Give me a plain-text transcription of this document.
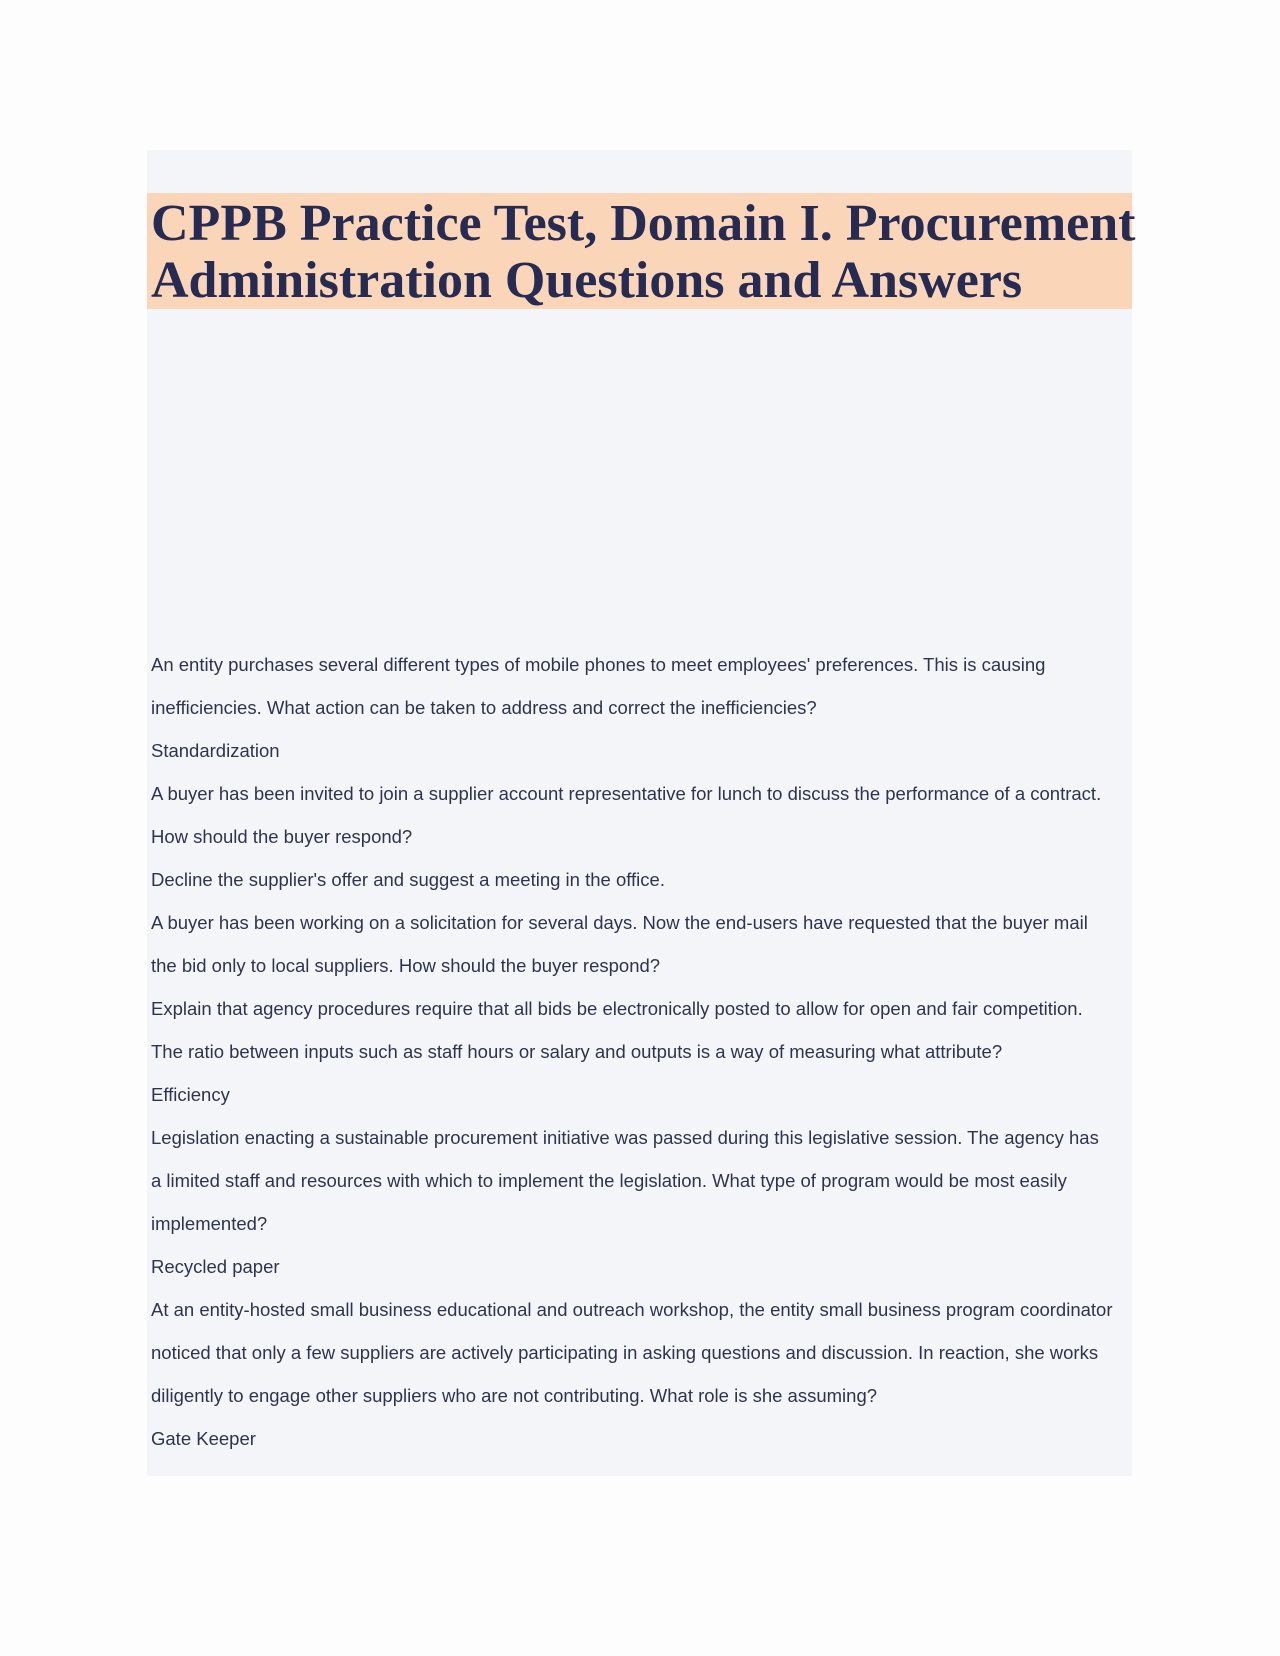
CPPB Practice Test, Domain I. Procurement
Administration Questions and Answers

An entity purchases several different types of mobile phones to meet employees' preferences. This is causing

inefficiencies. What action can be taken to address and correct the inefficiencies?

Standardization

A buyer has been invited to join a supplier account representative for lunch to discuss the performance of a contract.

How should the buyer respond?

Decline the supplier's offer and suggest a meeting in the office.

A buyer has been working on a solicitation for several days. Now the end-users have requested that the buyer mail

the bid only to local suppliers. How should the buyer respond?

Explain that agency procedures require that all bids be electronically posted to allow for open and fair competition.

The ratio between inputs such as staff hours or salary and outputs is a way of measuring what attribute?

Efficiency

Legislation enacting a sustainable procurement initiative was passed during this legislative session. The agency has

a limited staff and resources with which to implement the legislation. What type of program would be most easily

implemented?

Recycled paper

At an entity-hosted small business educational and outreach workshop, the entity small business program coordinator

noticed that only a few suppliers are actively participating in asking questions and discussion. In reaction, she works

diligently to engage other suppliers who are not contributing. What role is she assuming?

Gate Keeper
